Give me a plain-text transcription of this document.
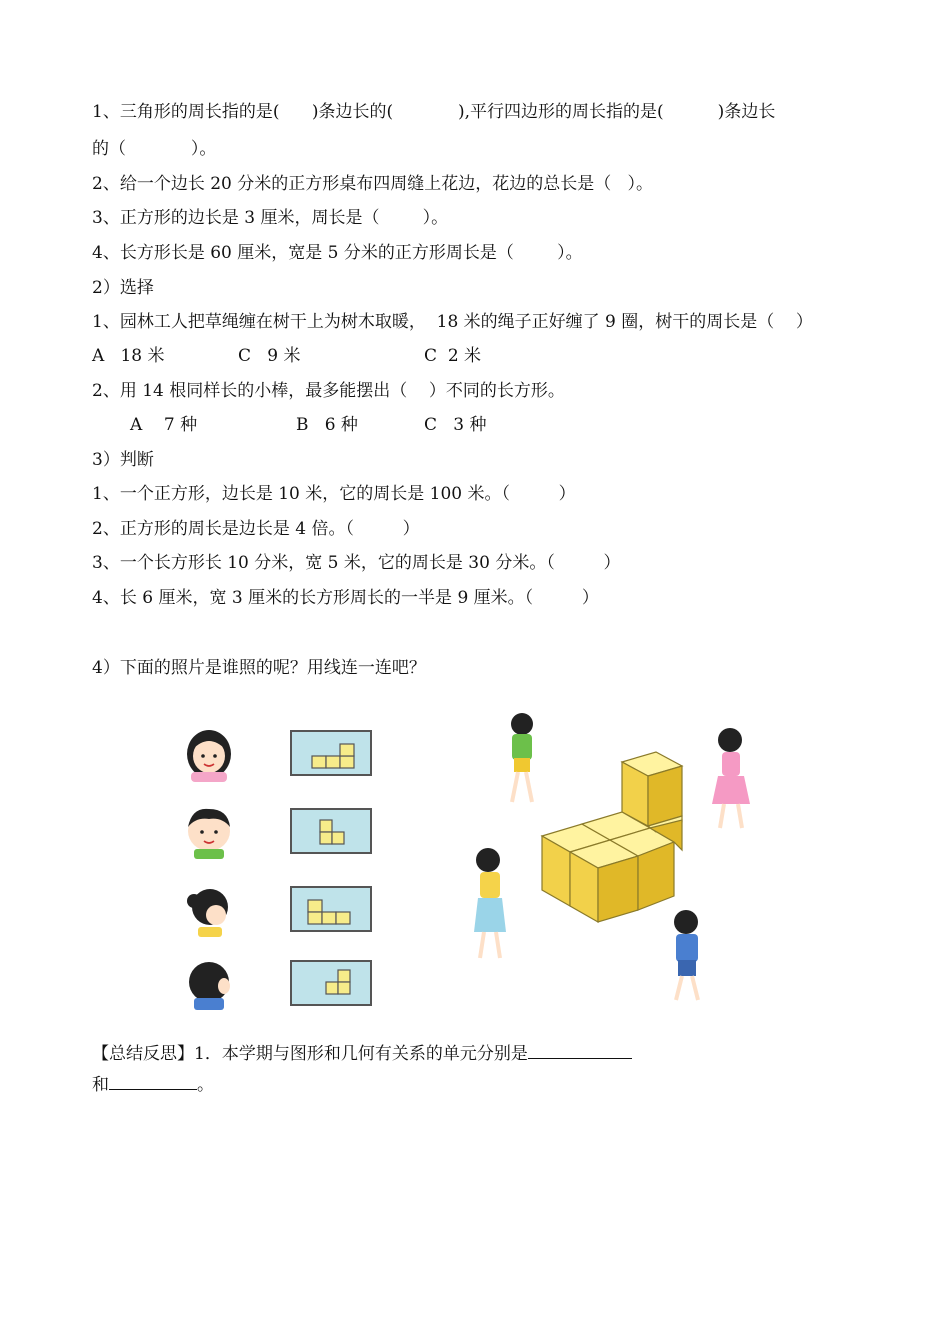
1、三角形的周长指的是(      )条边长的(            ),平行四边形的周长指的是(          )条边长
的（            ）。
2、给一个边长 20 分米的正方形桌布四周缝上花边，花边的总长是（   ）。
3、正方形的边长是 3 厘米，周长是（        ）。
4、长方形长是 60 厘米，宽是 5 分米的正方形周长是（        ）。
2）选择
1、园林工人把草绳缠在树干上为树木取暖，  18 米的绳子正好缠了 9 圈，树干的周长是（    ）
A   18 米	C   9 米	C  2 米
2、用 14 根同样长的小棒，最多能摆出（    ）不同的长方形。
A    7 种	B   6 种	C   3 种
3）判断
1、一个正方形，边长是 10 米，它的周长是 100 米。（         ）
2、正方形的周长是边长是 4 倍。（         ）
3、一个长方形长 10 分米，宽 5 米，它的周长是 30 分米。（         ）
4、长 6 厘米，宽 3 厘米的长方形周长的一半是 9 厘米。（         ）
4）下面的照片是谁照的呢？用线连一连吧？
【总结反思】1．本学期与图形和几何有关系的单元分别是
和	。
